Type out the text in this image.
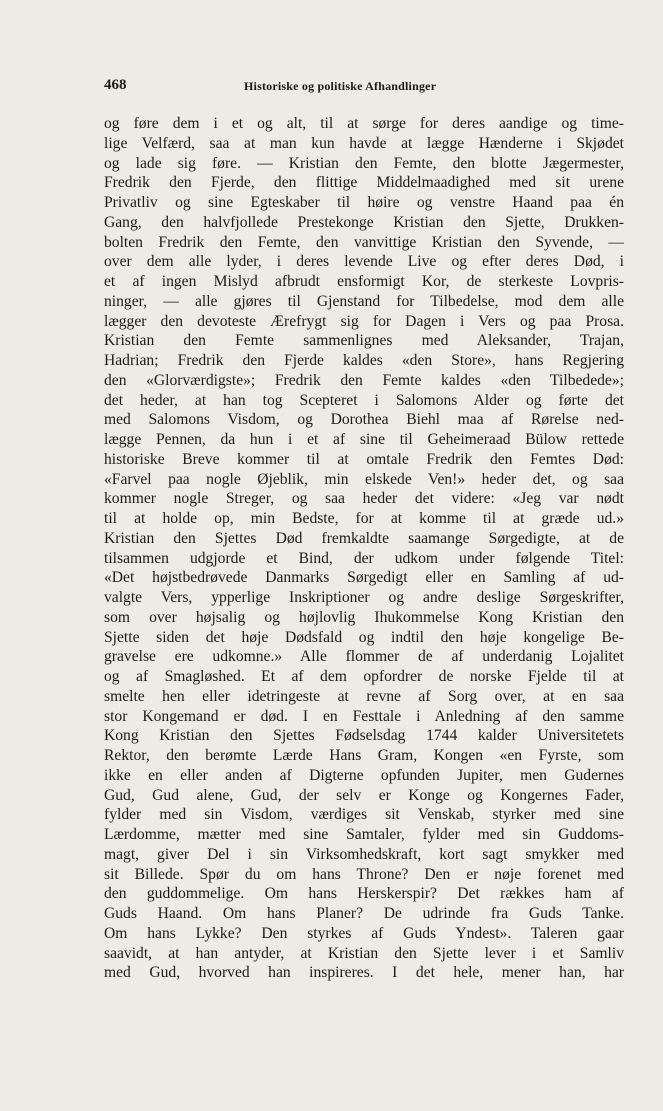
468	Historiske og politiske Afhandlinger
og føre dem i et og alt, til at sørge for deres aandige og time-
lige Velfærd, saa at man kun havde at lægge Hænderne i Skjødet
og lade sig føre. — Kristian den Femte, den blotte Jægermester,
Fredrik den Fjerde, den flittige Middelmaadighed med sit urene
Privatliv og sine Egteskaber til høire og venstre Haand paa én
Gang, den halvfjollede Prestekonge Kristian den Sjette, Drukken-
bolten Fredrik den Femte, den vanvittige Kristian den Syvende, —
over dem alle lyder, i deres levende Live og efter deres Død, i
et af ingen Mislyd afbrudt ensformigt Kor, de sterkeste Lovpris-
ninger, — alle gjøres til Gjenstand for Tilbedelse, mod dem alle
lægger den devoteste Ærefrygt sig for Dagen i Vers og paa Prosa.
Kristian den Femte sammenlignes med Aleksander, Trajan,
Hadrian; Fredrik den Fjerde kaldes «den Store», hans Regjering
den «Glorværdigste»; Fredrik den Femte kaldes «den Tilbedede»;
det heder, at han tog Scepteret i Salomons Alder og førte det
med Salomons Visdom, og Dorothea Biehl maa af Rørelse ned-
lægge Pennen, da hun i et af sine til Geheimeraad Bülow rettede
historiske Breve kommer til at omtale Fredrik den Femtes Død:
«Farvel paa nogle Øjeblik, min elskede Ven!» heder det, og saa
kommer nogle Streger, og saa heder det videre: «Jeg var nødt
til at holde op, min Bedste, for at komme til at græde ud.»
Kristian den Sjettes Død fremkaldte saamange Sørgedigte, at de
tilsammen udgjorde et Bind, der udkom under følgende Titel:
«Det højstbedrøvede Danmarks Sørgedigt eller en Samling af ud-
valgte Vers, ypperlige Inskriptioner og andre deslige Sørgeskrifter,
som over højsalig og højlovlig Ihukommelse Kong Kristian den
Sjette siden det høje Dødsfald og indtil den høje kongelige Be-
gravelse ere udkomne.» Alle flommer de af underdanig Lojalitet
og af Smagløshed. Et af dem opfordrer de norske Fjelde til at
smelte hen eller idetringeste at revne af Sorg over, at en saa
stor Kongemand er død. I en Festtale i Anledning af den samme
Kong Kristian den Sjettes Fødselsdag 1744 kalder Universitetets
Rektor, den berømte Lærde Hans Gram, Kongen «en Fyrste, som
ikke en eller anden af Digterne opfunden Jupiter, men Gudernes
Gud, Gud alene, Gud, der selv er Konge og Kongernes Fader,
fylder med sin Visdom, værdiges sit Venskab, styrker med sine
Lærdomme, mætter med sine Samtaler, fylder med sin Guddoms-
magt, giver Del i sin Virksomhedskraft, kort sagt smykker med
sit Billede. Spør du om hans Throne? Den er nøje forenet med
den guddommelige. Om hans Herskerspir? Det rækkes ham af
Guds Haand. Om hans Planer? De udrinde fra Guds Tanke.
Om hans Lykke? Den styrkes af Guds Yndest». Taleren gaar
saavidt, at han antyder, at Kristian den Sjette lever i et Samliv
med Gud, hvorved han inspireres. I det hele, mener han, har
